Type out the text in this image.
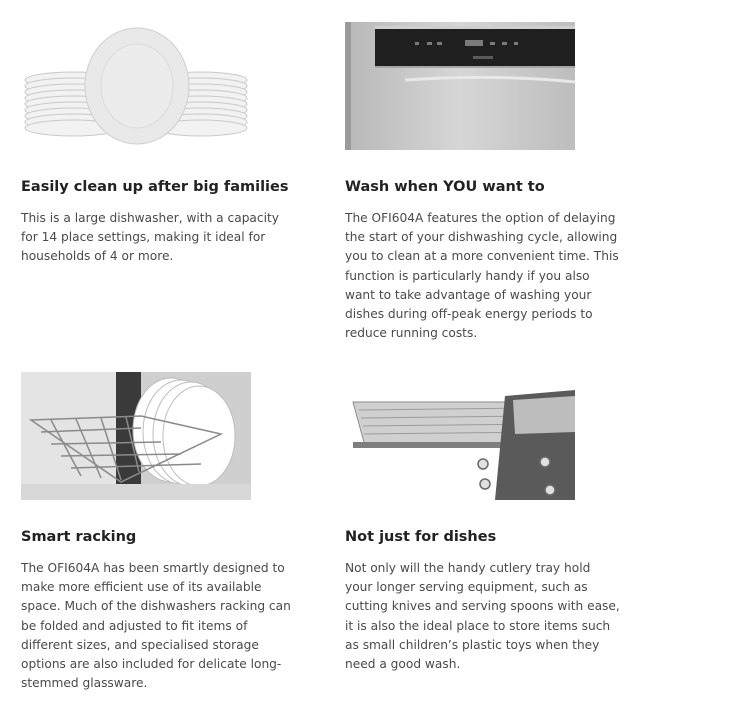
Easily clean up after big families
This is a large dishwasher, with a capacity for 14 place settings, making it ideal for households of 4 or more.
Wash when YOU want to
The OFI604A features the option of delaying the start of your dishwashing cycle, allowing you to clean at a more convenient time. This function is particularly handy if you also want to take advantage of washing your dishes during off-peak energy periods to reduce running costs.
Smart racking
The OFI604A has been smartly designed to make more efficient use of its available space. Much of the dishwashers racking can be folded and adjusted to fit items of different sizes, and specialised storage options are also included for delicate long-stemmed glassware.
Not just for dishes
Not only will the handy cutlery tray hold your longer serving equipment, such as cutting knives and serving spoons with ease, it is also the ideal place to store items such as small children’s plastic toys when they need a good wash.
